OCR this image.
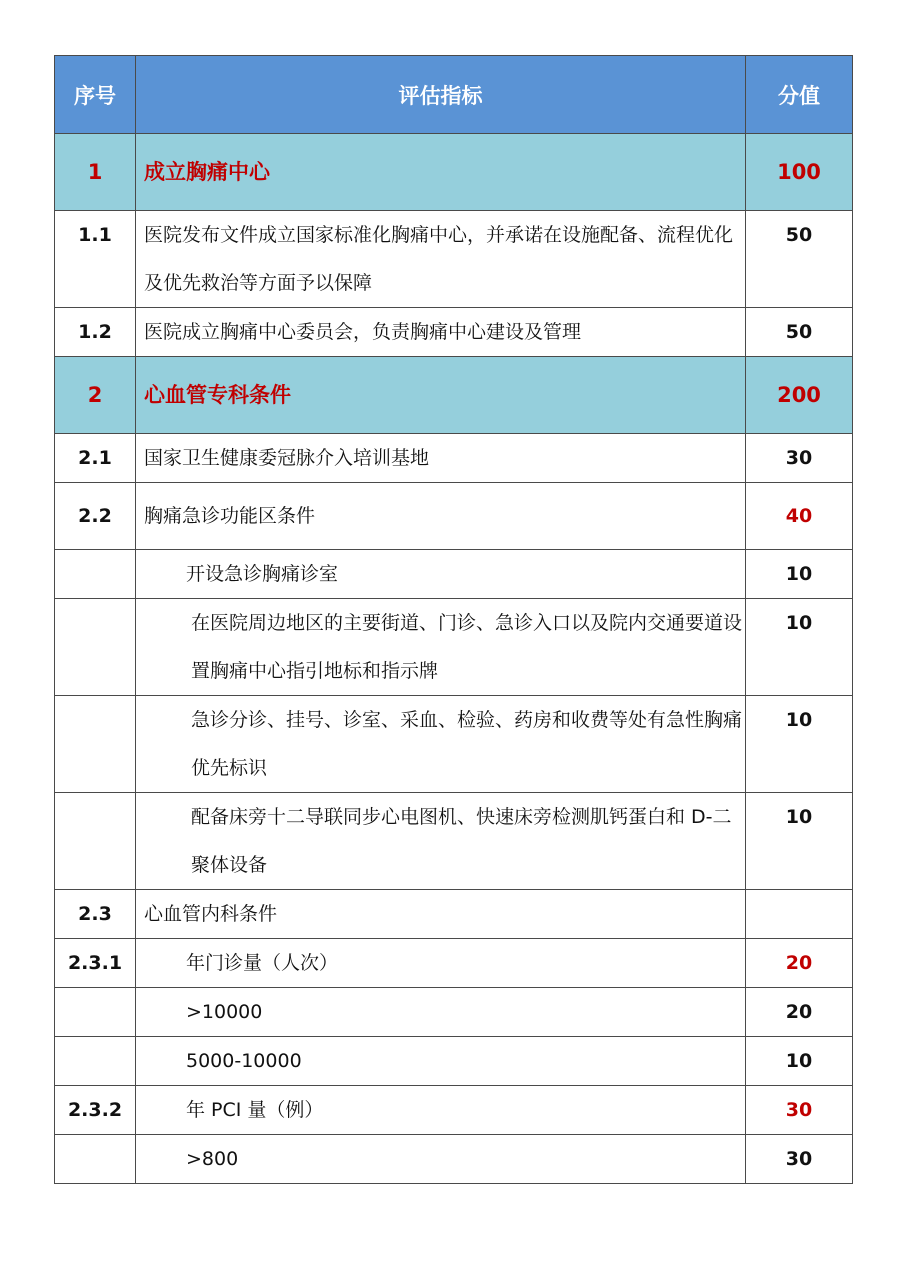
序号	评估指标	分值
1	成立胸痛中心	100
1.1	医院发布文件成立国家标准化胸痛中心，并承诺在设施配备、流程优化及优先救治等方面予以保障	50
1.2	医院成立胸痛中心委员会，负责胸痛中心建设及管理	50
2	心血管专科条件	200
2.1	国家卫生健康委冠脉介入培训基地	30
2.2	胸痛急诊功能区条件	40
	开设急诊胸痛诊室	10
	在医院周边地区的主要街道、门诊、急诊入口以及院内交通要道设置胸痛中心指引地标和指示牌	10
	急诊分诊、挂号、诊室、采血、检验、药房和收费等处有急性胸痛优先标识	10
	配备床旁十二导联同步心电图机、快速床旁检测肌钙蛋白和 D-二聚体设备	10
2.3	心血管内科条件	
2.3.1	年门诊量（人次）	20
	>10000	20
	5000-10000	10
2.3.2	年 PCI 量（例）	30
	>800	30
